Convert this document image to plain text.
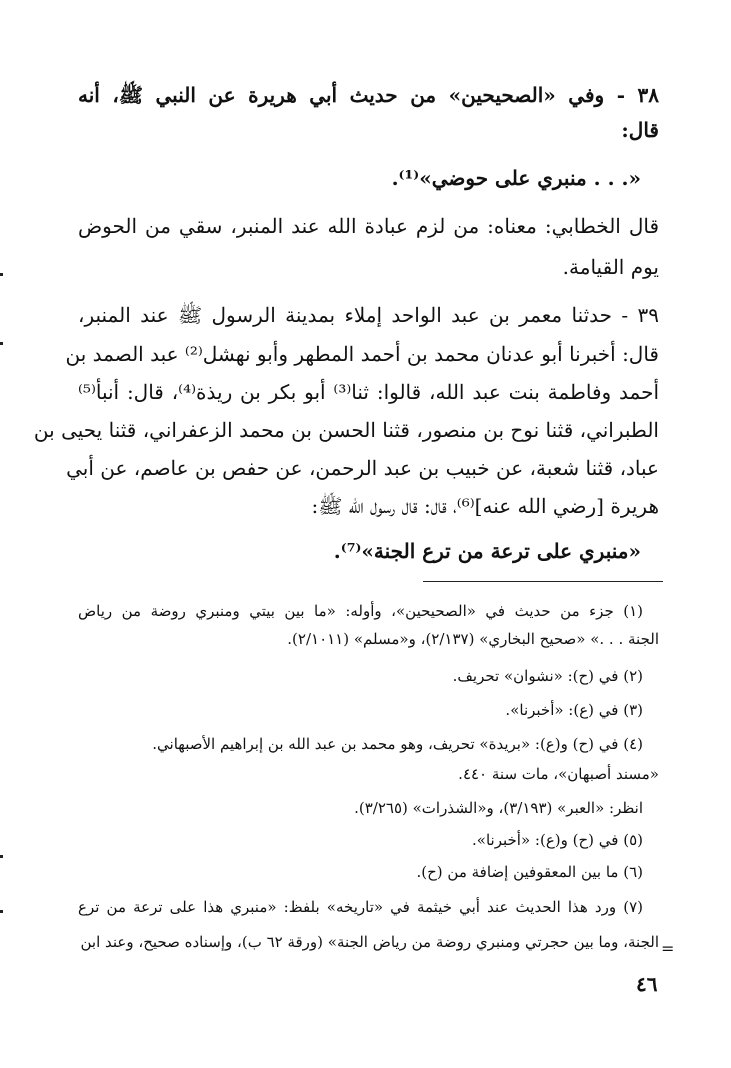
٣٨ - وفي «الصحيحين» من حديث أبي هريرة عن النبي ﷺ، أنه

قال:

«. . . منبري على حوضي»⁽¹⁾.

قال الخطابي: معناه: من لزم عبادة الله عند المنبر، سقي من الحوض

يوم القيامة.

٣٩ - حدثنا معمر بن عبد الواحد إملاء بمدينة الرسول ﷺ عند المنبر،

قال: أخبرنا أبو عدنان محمد بن أحمد المطهر وأبو نهشل⁽²⁾ عبد الصمد بن

أحمد وفاطمة بنت عبد الله، قالوا: ثنا⁽³⁾ أبو بكر بن ريذة⁽⁴⁾، قال: أنبأ⁽⁵⁾

الطبراني، قثنا نوح بن منصور، قثنا الحسن بن محمد الزعفراني، قثنا يحيى بن

عباد، قثنا شعبة، عن خبيب بن عبد الرحمن، عن حفص بن عاصم، عن أبي

هريرة [رضي الله عنه]⁽⁶⁾، قال: قال رسول الله ﷺ:

«منبري على ترعة من ترع الجنة»⁽⁷⁾.

(١) جزء من حديث في «الصحيحين»، وأوله: «ما بين بيتي ومنبري روضة من رياض

الجنة . . .» «صحيح البخاري» (٢/١٣٧)، و«مسلم» (٢/١٠١١).

(٢) في (ح): «نشوان» تحريف.

(٣) في (ع): «أخبرنا».

(٤) في (ح) و(ع): «بريدة» تحريف، وهو محمد بن عبد الله بن إبراهيم الأصبهاني.

«مسند أصبهان»، مات سنة ٤٤٠.

انظر: «العبر» (٣/١٩٣)، و«الشذرات» (٣/٢٦٥).

(٥) في (ح) و(ع): «أخبرنا».

(٦) ما بين المعقوفين إضافة من (ح).

(٧) ورد هذا الحديث عند أبي خيثمة في «تاريخه» بلفظ: «منبري هذا على ترعة من ترع

الجنة، وما بين حجرتي ومنبري روضة من رياض الجنة» (ورقة ٦٢ ب)، وإسناده صحيح، وعند ابن =
٤٦
